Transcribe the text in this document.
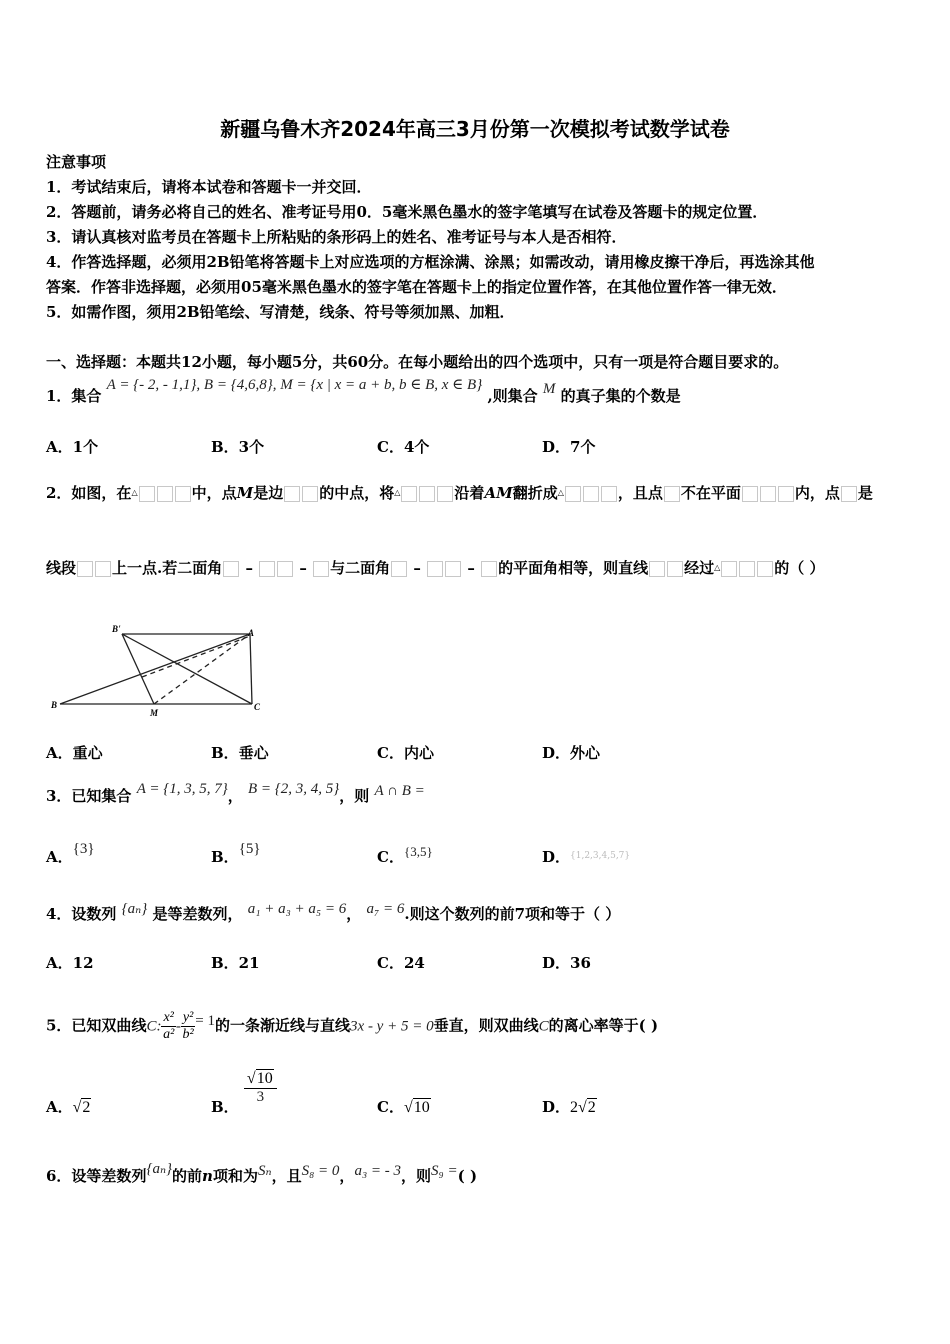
新疆乌鲁木齐2024年高三3月份第一次模拟考试数学试卷
注意事项
1．考试结束后，请将本试卷和答题卡一并交回．
2．答题前，请务必将自己的姓名、准考证号用0．5毫米黑色墨水的签字笔填写在试卷及答题卡的规定位置．
3．请认真核对监考员在答题卡上所粘贴的条形码上的姓名、准考证号与本人是否相符．
4．作答选择题，必须用2B铅笔将答题卡上对应选项的方框涂满、涂黑；如需改动，请用橡皮擦干净后，再选涂其他
答案．作答非选择题，必须用05毫米黑色墨水的签字笔在答题卡上的指定位置作答，在其他位置作答一律无效．
5．如需作图，须用2B铅笔绘、写清楚，线条、符号等须加黑、加粗．
一、选择题：本题共12小题，每小题5分，共60分。在每小题给出的四个选项中，只有一项是符合题目要求的。
1．集合 A = {- 2, - 1,1}, B = {4,6,8}, M = {x | x = a + b, b ∈ B, x ∈ B} ,则集合 M 的真子集的个数是
A．1个	B．3个	C．4个	D．7个
2．如图，在△	中，点M是边 的中点，将△	沿着AM翻折成△	，且点 不在平面	内，点 是
线段 上一点.若二面角 –  – 与二面角 –  – 的平面角相等，则直线 经过△	的（ ）
B'	A
B
M
C
A．重心	B．垂心	C．内心	D．外心
3．已知集合 A = {1, 3, 5, 7}， B = {2, 3, 4, 5}，则 A ∩ B =
A．{3}	B．{5}	C．{3,5}	D．$^{\{1,2,3,4,5,7\}}$
4．设数列 {aₙ} 是等差数列， a₁ + a₃ + a₅ = 6， a₇ = 6.则这个数列的前7项和等于（ ）
A．12	B．21	C．24	D．36
5．已知双曲线C: $\frac{\text{x²}}{\text{a²}} - \frac{\text{y²}}{\text{b²}} = 1$的一条渐近线与直线3x - y + 5 = 0垂直，则双曲线C的离心率等于( )
A．√2	B．
$\frac{√10}{3}$
C．√10	D．2√2
6．设等差数列{aₙ}的前n项和为Sₙ，且S₈ = 0，a₃ = - 3，则S₉ =( )
